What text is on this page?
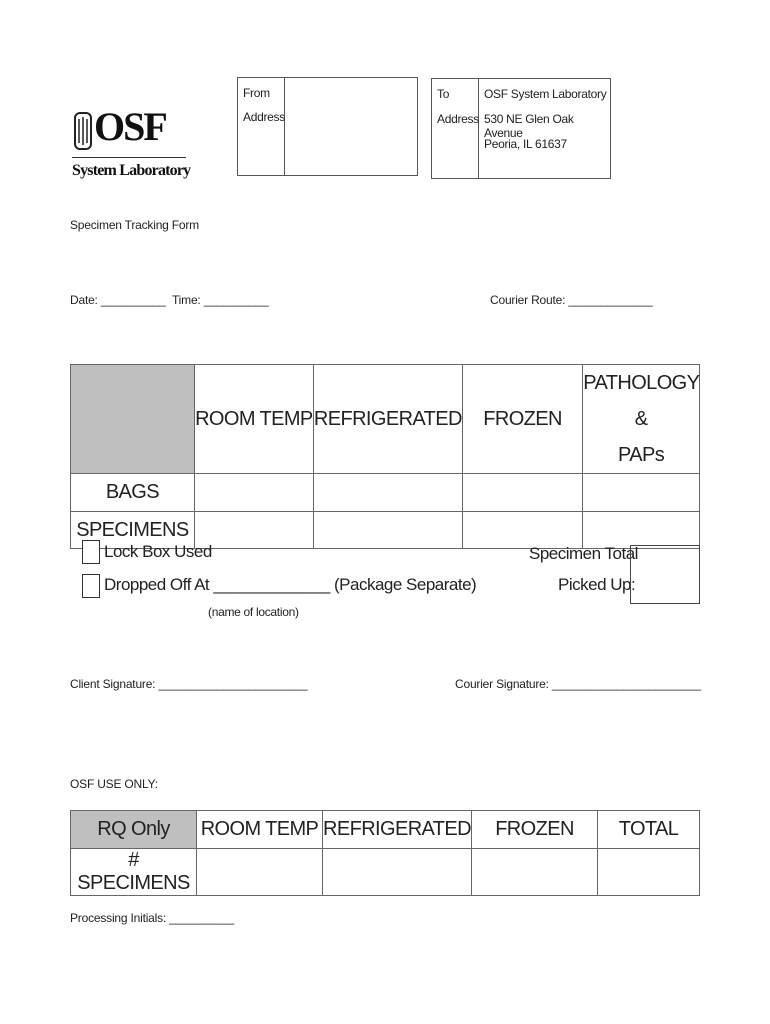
OSF
System Laboratory
From
Address
To
Address
OSF System Laboratory
530 NE Glen Oak Avenue
Peoria, IL 61637
Specimen Tracking Form
Date: __________ Time: __________	Courier Route: _____________
	ROOM TEMP	REFRIGERATED	FROZEN	PATHOLOGY &
PAPs

BAGS				
SPECIMENS				
Lock Box Used
Dropped Off At _____________ (Package Separate)
(name of location)
Specimen Total
Picked Up:
Client Signature: _______________________	Courier Signature: _______________________
OSF USE ONLY:
RQ Only	ROOM TEMP	REFRIGERATED	FROZEN	TOTAL
# SPECIMENS				
Processing Initials: __________
